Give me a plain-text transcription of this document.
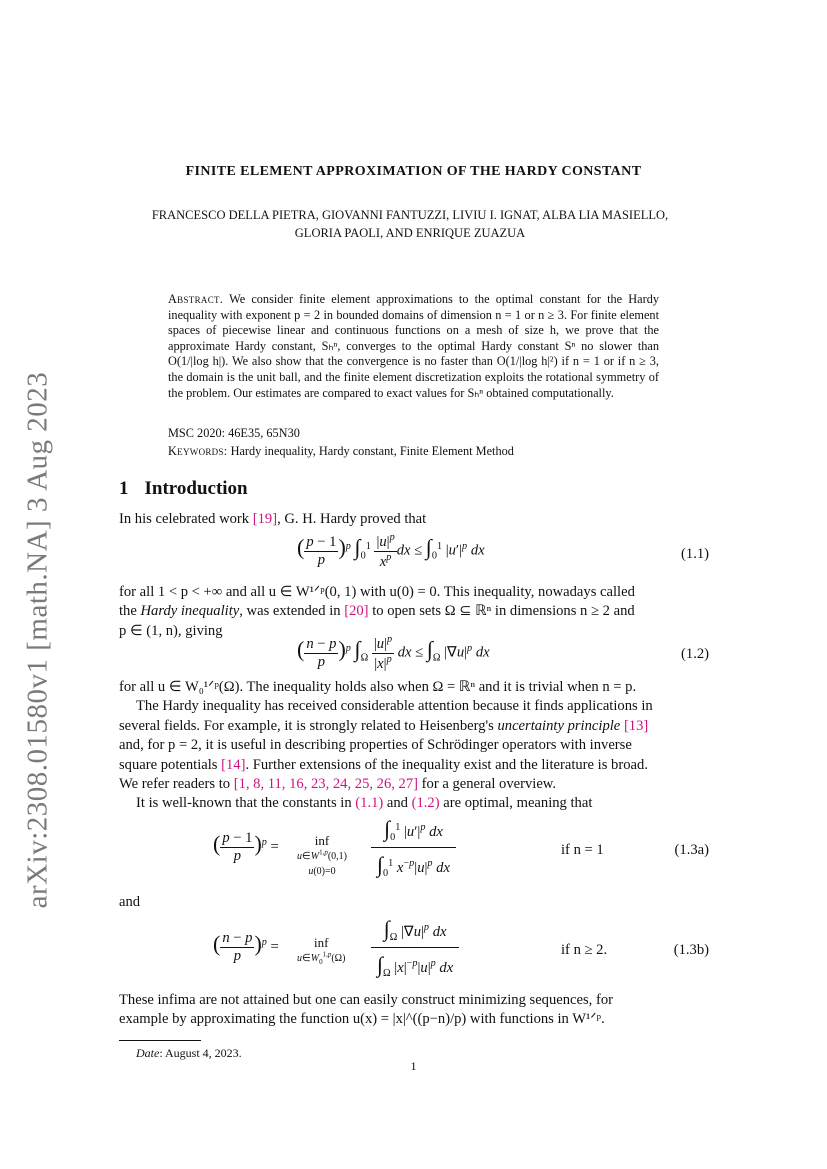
arXiv:2308.01580v1 [math.NA] 3 Aug 2023
FINITE ELEMENT APPROXIMATION OF THE HARDY CONSTANT
FRANCESCO DELLA PIETRA, GIOVANNI FANTUZZI, LIVIU I. IGNAT, ALBA LIA MASIELLO,
GLORIA PAOLI, AND ENRIQUE ZUAZUA
Abstract. We consider finite element approximations to the optimal constant for the Hardy inequality with exponent p = 2 in bounded domains of dimension n = 1 or n ≥ 3. For finite element spaces of piecewise linear and continuous functions on a mesh of size h, we prove that the approximate Hardy constant, Sₕⁿ, converges to the optimal Hardy constant Sⁿ no slower than O(1/|log h|). We also show that the convergence is no faster than O(1/|log h|²) if n = 1 or if n ≥ 3, the domain is the unit ball, and the finite element discretization exploits the rotational symmetry of the problem. Our estimates are compared to exact values for Sₕⁿ obtained computationally.
MSC 2020: 46E35, 65N30
Keywords: Hardy inequality, Hardy constant, Finite Element Method
1 Introduction
In his celebrated work [19], G. H. Hardy proved that
( $\frac{p - 1}{p} )^p$ $\int_0^1 \frac{|u|^p}{x^p}$ dx ≤ $\int_0^1$ $|u'|^p$ dx	(1.1)
for all 1 < p < +∞ and all u ∈ W¹ᐟᵖ(0, 1) with u(0) = 0. This inequality, nowadays called
the Hardy inequality, was extended in [20] to open sets Ω ⊆ ℝⁿ in dimensions n ≥ 2 and
p ∈ (1, n), giving
( $\frac{n - p}{p} )^p$ $\int_\Omega \frac{|u|^p}{|x|^p}$ dx ≤ $\int_\Omega$ $|\nabla u|^p$ dx	(1.2)
for all u ∈ W₀¹ᐟᵖ(Ω). The inequality holds also when Ω = ℝⁿ and it is trivial when n = p.
The Hardy inequality has received considerable attention because it finds applications in
several fields. For example, it is strongly related to Heisenberg's uncertainty principle [13]
and, for p = 2, it is useful in describing properties of Schrödinger operators with inverse
square potentials [14]. Further extensions of the inequality exist and the literature is broad.
We refer readers to [1, 8, 11, 16, 23, 24, 25, 26, 27] for a general overview.
It is well-known that the constants in (1.1) and (1.2) are optimal, meaning that
( $\frac{p - 1}{p} )^p$ =	inf
$u\in W^{1,p}(0,1)$
u(0)=0	$\frac{\int_0^1 |u'|^p dx}{\int_0^1 x^{-p}|u|^p dx}$	if n = 1	(1.3a)
and
( $\frac{n - p}{p} )^p$ =	inf
$u\in W_0^{1,p}(\Omega) \frac{\int_\Omega |\nabla u|^p dx}{\int_\Omega |x|^{-p}|u|^p dx}$	if n ≥ 2.	(1.3b)
These infima are not attained but one can easily construct minimizing sequences, for
example by approximating the function u(x) = |x|^((p−n)/p) with functions in W¹ᐟᵖ.
Date: August 4, 2023.
1
